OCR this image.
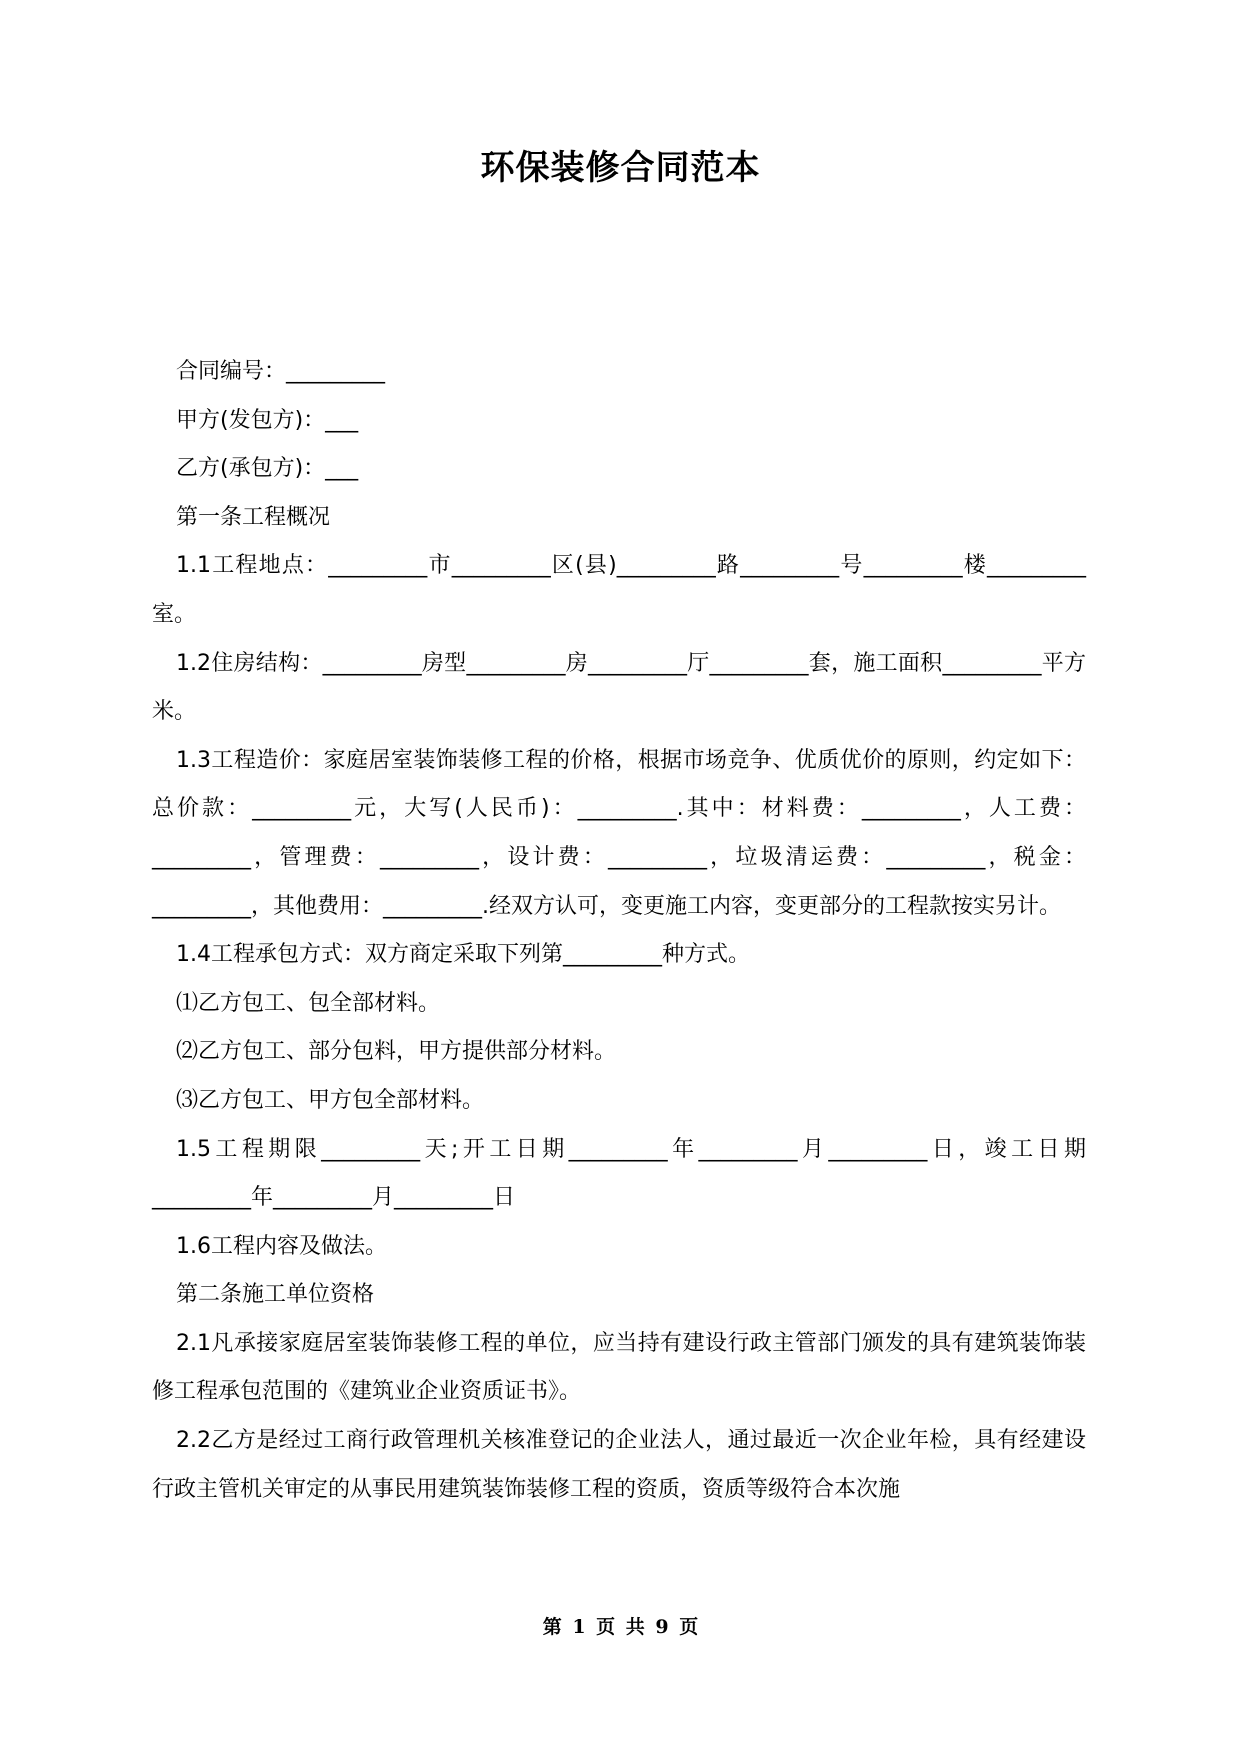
环保装修合同范本

合同编号：_________

甲方(发包方)：___

乙方(承包方)：___

第一条工程概况

1.1工程地点：_________市_________区(县)_________路_________号_________楼_________室。

1.2住房结构：_________房型_________房_________厅_________套，施工面积_________平方米。

1.3工程造价：家庭居室装饰装修工程的价格，根据市场竞争、优质优价的原则，约定如下：总价款：_________元，大写(人民币)：_________.其中：材料费：_________，人工费：_________，管理费：_________，设计费：_________，垃圾清运费：_________，税金：_________，其他费用：_________.经双方认可，变更施工内容，变更部分的工程款按实另计。

1.4工程承包方式：双方商定采取下列第_________种方式。

⑴乙方包工、包全部材料。

⑵乙方包工、部分包料，甲方提供部分材料。

⑶乙方包工、甲方包全部材料。

1.5工程期限_________天;开工日期_________年_________月_________日，竣工日期_________年_________月_________日

1.6工程内容及做法。

第二条施工单位资格

2.1凡承接家庭居室装饰装修工程的单位，应当持有建设行政主管部门颁发的具有建筑装饰装修工程承包范围的《建筑业企业资质证书》。

2.2乙方是经过工商行政管理机关核准登记的企业法人，通过最近一次企业年检，具有经建设行政主管机关审定的从事民用建筑装饰装修工程的资质，资质等级符合本次施

第 1 页 共 9 页
